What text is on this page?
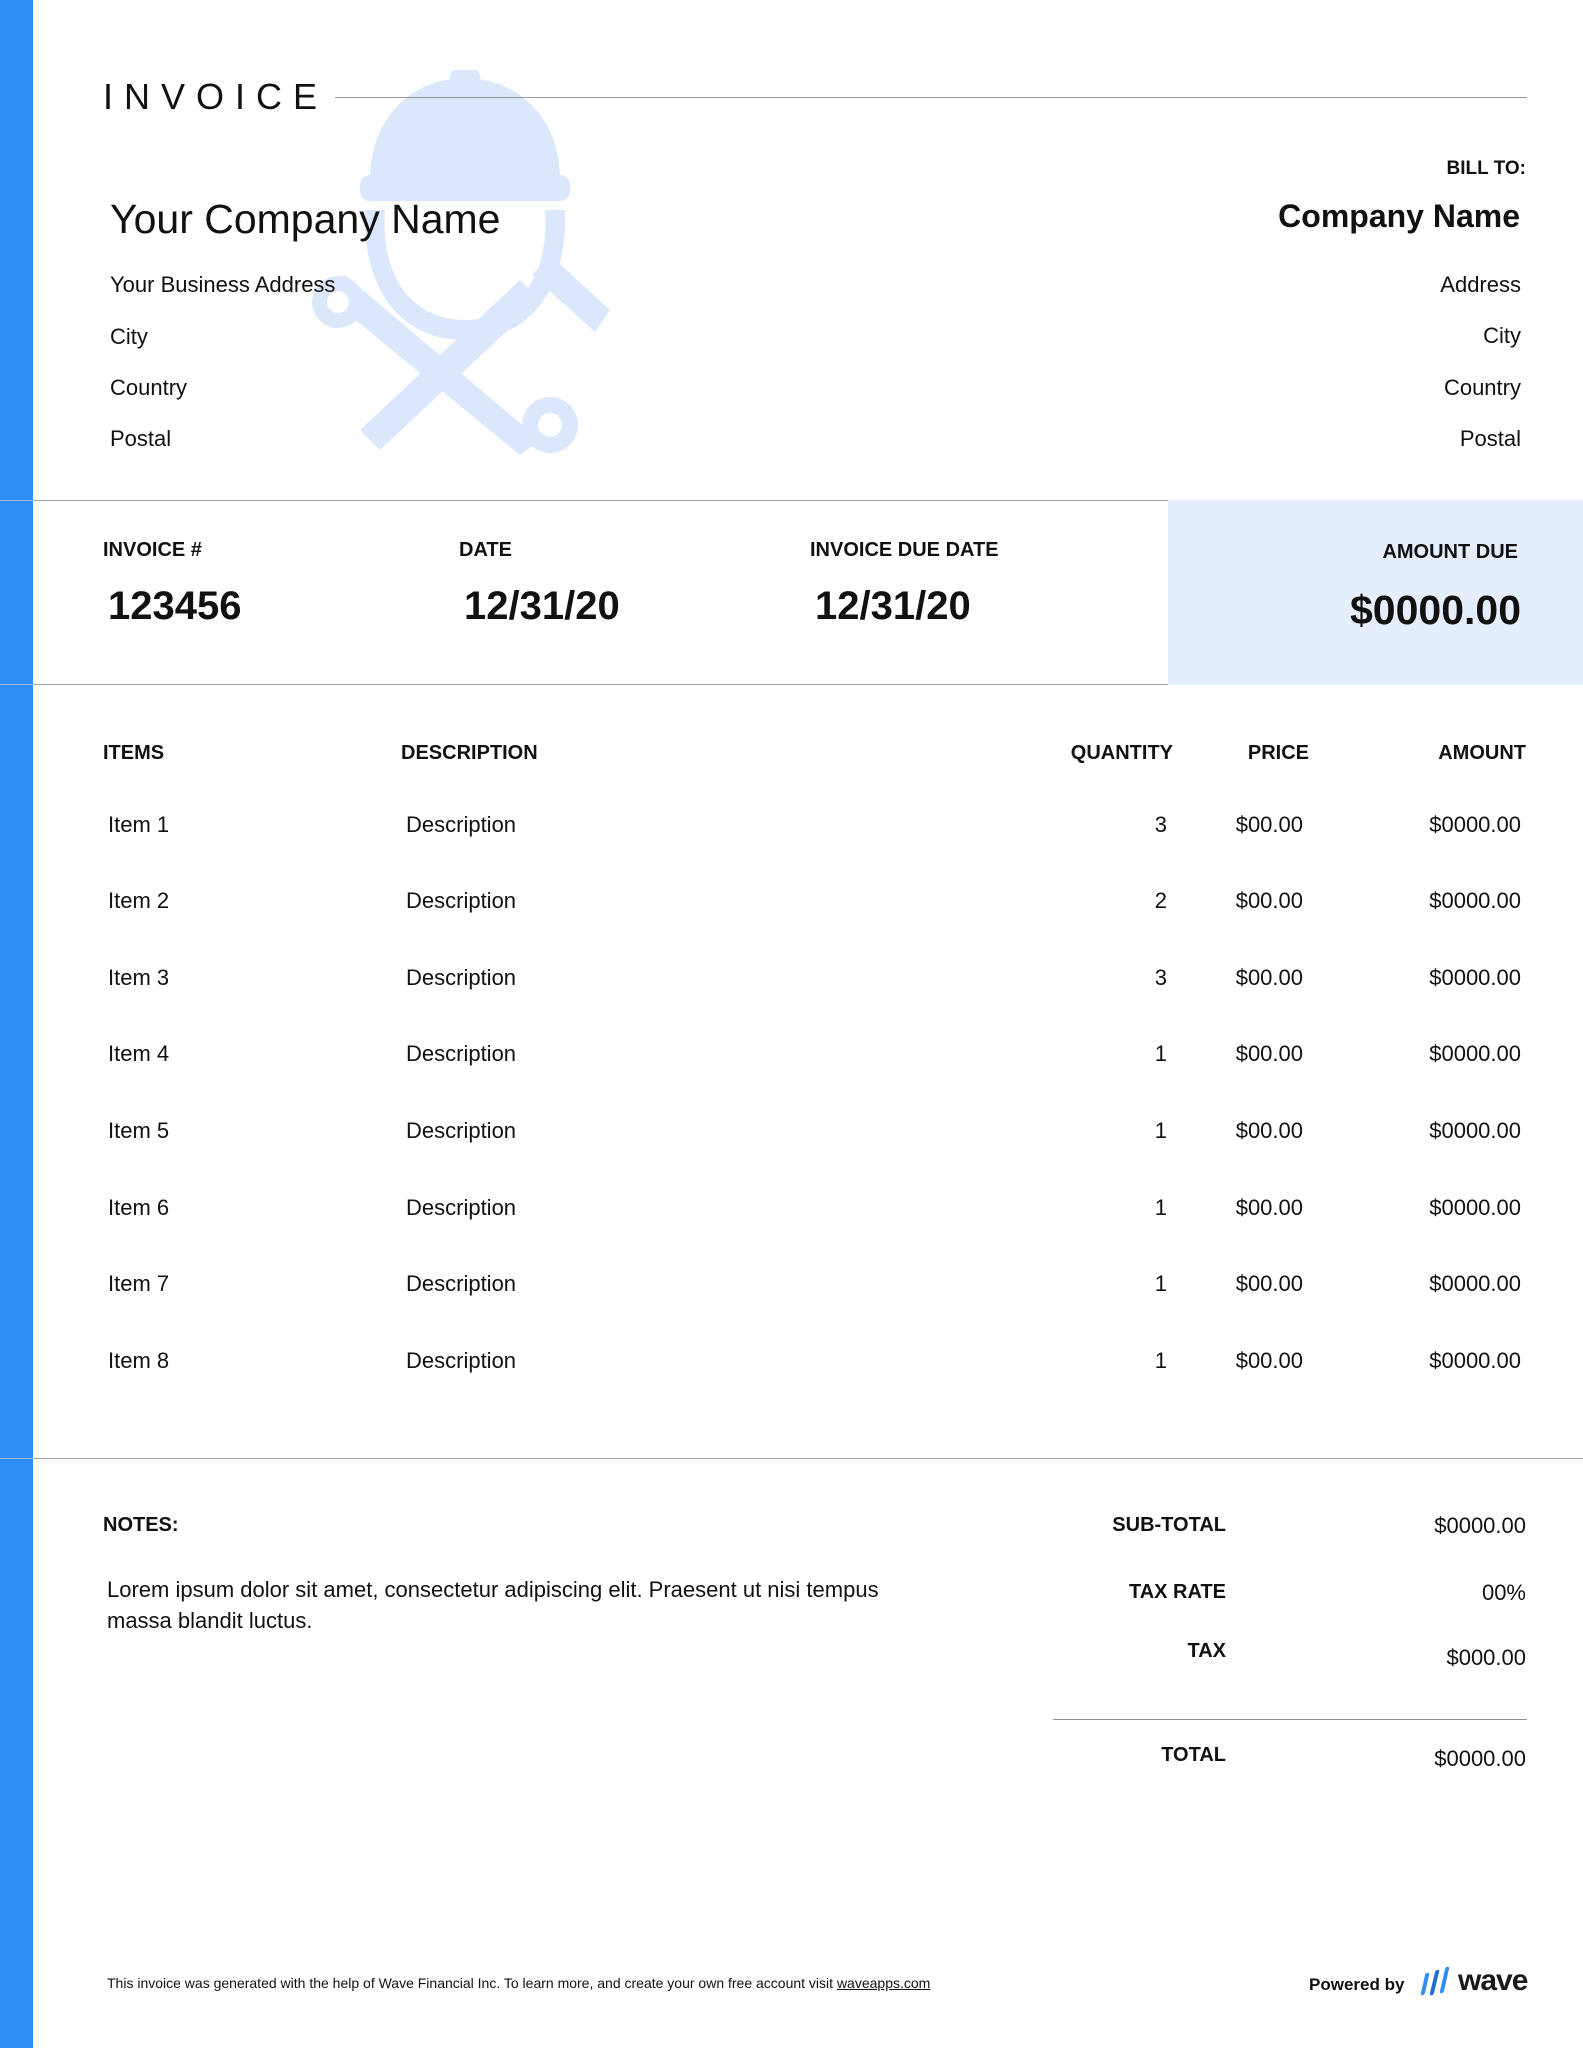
INVOICE
Your Company Name
Your Business Address
City
Country
Postal
BILL TO:
Company Name
Address
City
Country
Postal
INVOICE #
123456
DATE
12/31/20
INVOICE DUE DATE
12/31/20
AMOUNT DUE
$0000.00
ITEMS	DESCRIPTION	QUANTITY	PRICE	AMOUNT
Item 1	Description	3	$00.00	$0000.00
Item 2	Description	2	$00.00	$0000.00
Item 3	Description	3	$00.00	$0000.00
Item 4	Description	1	$00.00	$0000.00
Item 5	Description	1	$00.00	$0000.00
Item 6	Description	1	$00.00	$0000.00
Item 7	Description	1	$00.00	$0000.00
Item 8	Description	1	$00.00	$0000.00
NOTES:
Lorem ipsum dolor sit amet, consectetur adipiscing elit. Praesent ut nisi tempus massa blandit luctus.
SUB-TOTAL	$0000.00
TAX RATE	00%
TAX	$000.00
TOTAL	$0000.00
This invoice was generated with the help of Wave Financial Inc. To learn more, and create your own free account visit waveapps.com	Powered by wave
